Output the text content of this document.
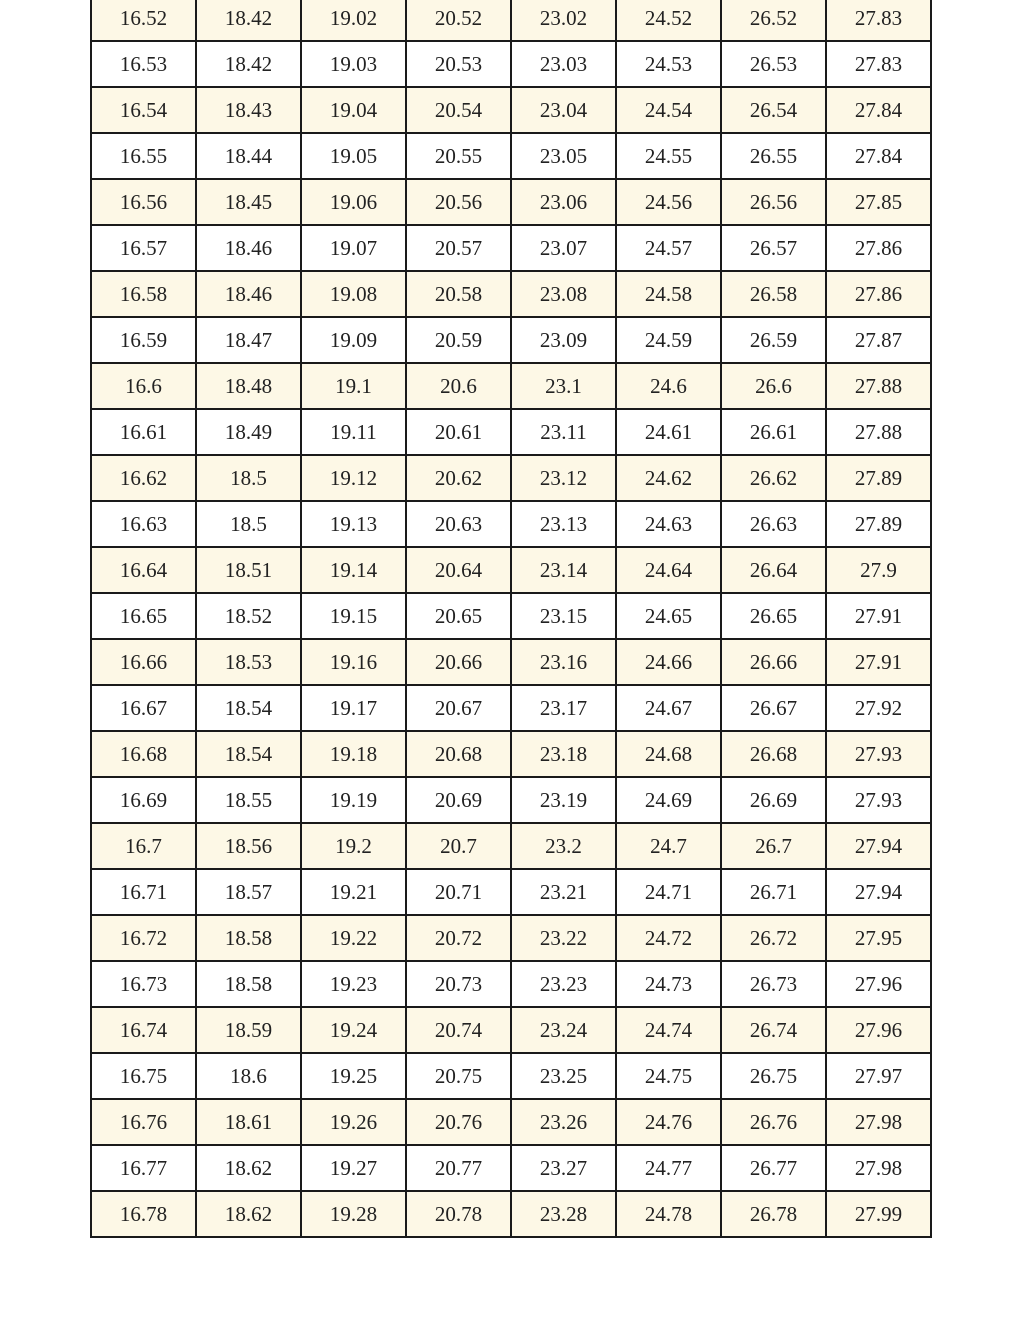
16.52	18.42	19.02	20.52	23.02	24.52	26.52	27.83

16.53	18.42	19.03	20.53	23.03	24.53	26.53	27.83

16.54	18.43	19.04	20.54	23.04	24.54	26.54	27.84

16.55	18.44	19.05	20.55	23.05	24.55	26.55	27.84

16.56	18.45	19.06	20.56	23.06	24.56	26.56	27.85

16.57	18.46	19.07	20.57	23.07	24.57	26.57	27.86

16.58	18.46	19.08	20.58	23.08	24.58	26.58	27.86

16.59	18.47	19.09	20.59	23.09	24.59	26.59	27.87

16.6	18.48	19.1	20.6	23.1	24.6	26.6	27.88

16.61	18.49	19.11	20.61	23.11	24.61	26.61	27.88

16.62	18.5	19.12	20.62	23.12	24.62	26.62	27.89

16.63	18.5	19.13	20.63	23.13	24.63	26.63	27.89

16.64	18.51	19.14	20.64	23.14	24.64	26.64	27.9

16.65	18.52	19.15	20.65	23.15	24.65	26.65	27.91

16.66	18.53	19.16	20.66	23.16	24.66	26.66	27.91

16.67	18.54	19.17	20.67	23.17	24.67	26.67	27.92

16.68	18.54	19.18	20.68	23.18	24.68	26.68	27.93

16.69	18.55	19.19	20.69	23.19	24.69	26.69	27.93

16.7	18.56	19.2	20.7	23.2	24.7	26.7	27.94

16.71	18.57	19.21	20.71	23.21	24.71	26.71	27.94

16.72	18.58	19.22	20.72	23.22	24.72	26.72	27.95

16.73	18.58	19.23	20.73	23.23	24.73	26.73	27.96

16.74	18.59	19.24	20.74	23.24	24.74	26.74	27.96

16.75	18.6	19.25	20.75	23.25	24.75	26.75	27.97

16.76	18.61	19.26	20.76	23.26	24.76	26.76	27.98

16.77	18.62	19.27	20.77	23.27	24.77	26.77	27.98

16.78	18.62	19.28	20.78	23.28	24.78	26.78	27.99
